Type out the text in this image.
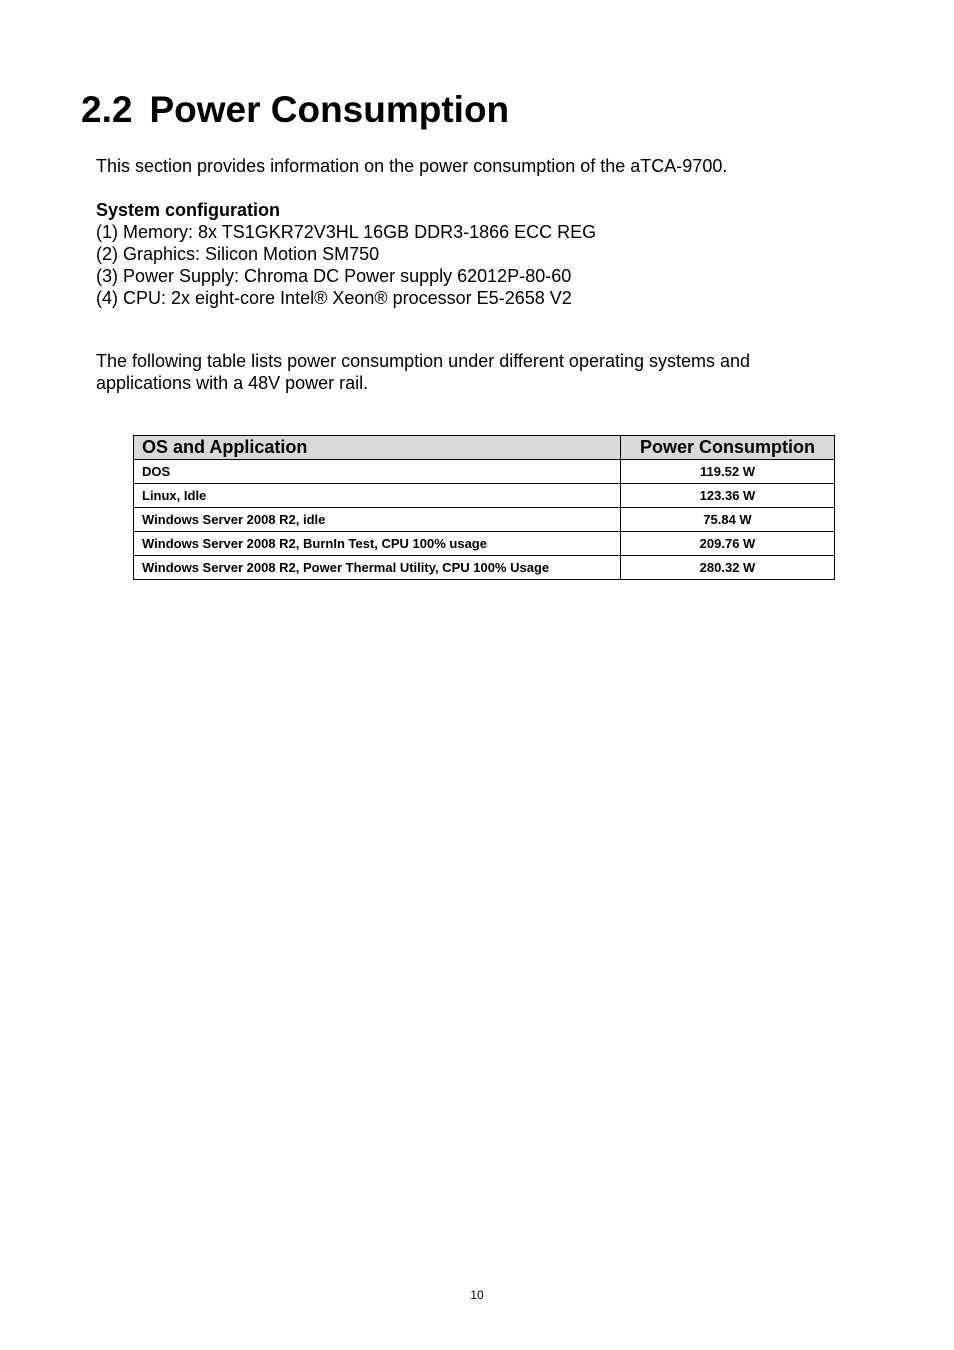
2.2 Power Consumption
This section provides information on the power consumption of the aTCA-9700.
System configuration
(1) Memory: 8x TS1GKR72V3HL 16GB DDR3-1866 ECC REG
(2) Graphics: Silicon Motion SM750
(3) Power Supply: Chroma DC Power supply 62012P-80-60
(4) CPU: 2x eight-core Intel® Xeon® processor E5-2658 V2
The following table lists power consumption under different operating systems and applications with a 48V power rail.
OS and Application	Power Consumption
DOS	119.52 W
Linux, Idle	123.36 W
Windows Server 2008 R2, idle	75.84 W
Windows Server 2008 R2, BurnIn Test, CPU 100% usage	209.76 W
Windows Server 2008 R2, Power Thermal Utility, CPU 100% Usage	280.32 W
10
